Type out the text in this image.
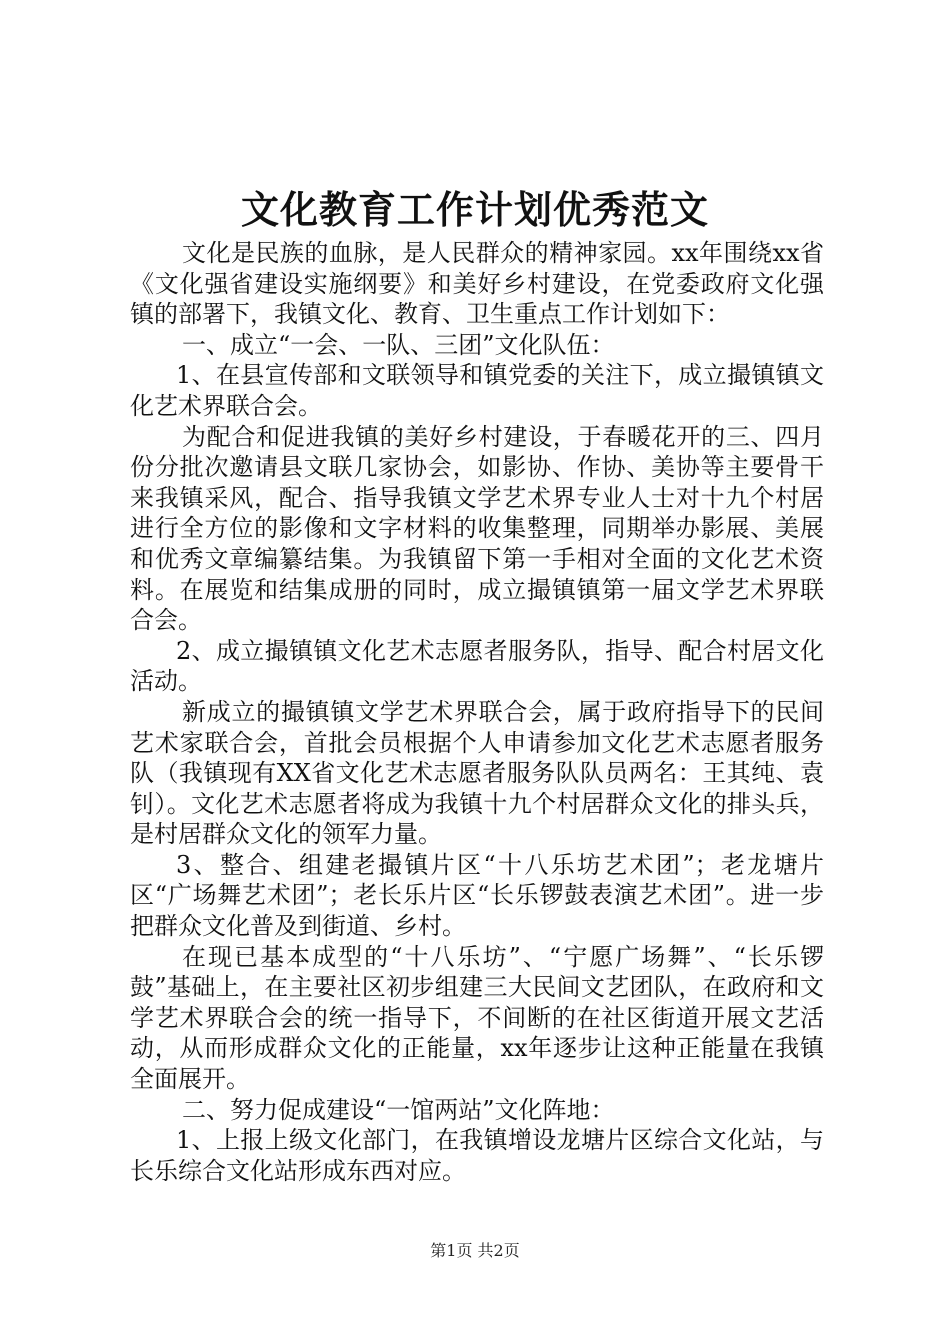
文化教育工作计划优秀范文

文化是民族的血脉，是人民群众的精神家园。xx年围绕xx省《文化强省建设实施纲要》和美好乡村建设，在党委政府文化强镇的部署下，我镇文化、教育、卫生重点工作计划如下：

一、成立“一会、一队、三团”文化队伍：

1、在县宣传部和文联领导和镇党委的关注下，成立撮镇镇文化艺术界联合会。

为配合和促进我镇的美好乡村建设，于春暖花开的三、四月份分批次邀请县文联几家协会，如影协、作协、美协等主要骨干来我镇采风，配合、指导我镇文学艺术界专业人士对十九个村居进行全方位的影像和文字材料的收集整理，同期举办影展、美展和优秀文章编纂结集。为我镇留下第一手相对全面的文化艺术资料。在展览和结集成册的同时，成立撮镇镇第一届文学艺术界联合会。

2、成立撮镇镇文化艺术志愿者服务队，指导、配合村居文化活动。

新成立的撮镇镇文学艺术界联合会，属于政府指导下的民间艺术家联合会，首批会员根据个人申请参加文化艺术志愿者服务队（我镇现有XX省文化艺术志愿者服务队队员两名：王其纯、袁钊）。文化艺术志愿者将成为我镇十九个村居群众文化的排头兵，是村居群众文化的领军力量。

3、整合、组建老撮镇片区“十八乐坊艺术团”；老龙塘片区“广场舞艺术团”；老长乐片区“长乐锣鼓表演艺术团”。进一步把群众文化普及到街道、乡村。

在现已基本成型的“十八乐坊”、“宁愿广场舞”、“长乐锣鼓”基础上，在主要社区初步组建三大民间文艺团队，在政府和文学艺术界联合会的统一指导下，不间断的在社区街道开展文艺活动，从而形成群众文化的正能量，xx年逐步让这种正能量在我镇全面展开。

二、努力促成建设“一馆两站”文化阵地：

1、上报上级文化部门，在我镇增设龙塘片区综合文化站，与长乐综合文化站形成东西对应。

第1页 共2页
